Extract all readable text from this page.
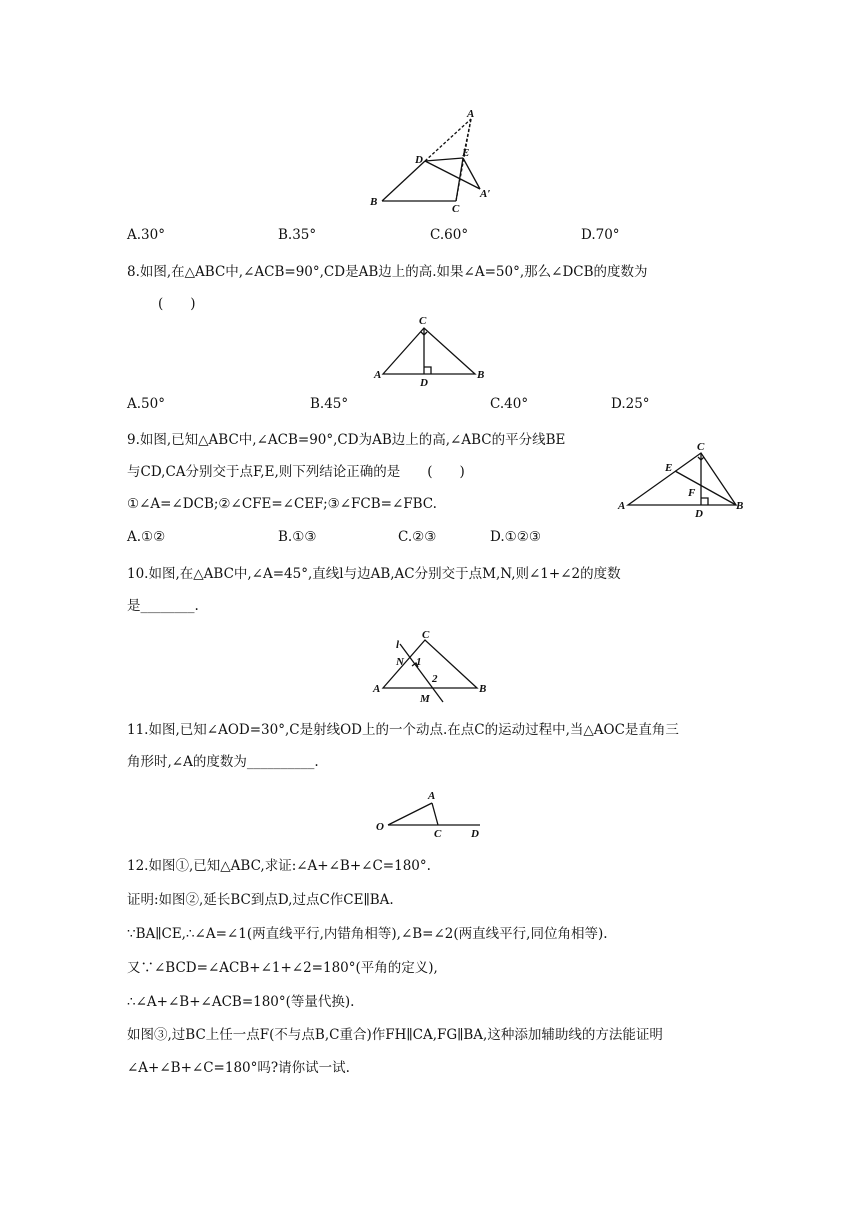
A
D
E
B
C
A′
A.30°	B.35°	C.60°	D.70°
8.如图,在△ABC中,∠ACB=90°,CD是AB边上的高.如果∠A=50°,那么∠DCB的度数为
(　　)
C
A
D
B
A.50°	B.45°	C.40°	D.25°
9.如图,已知△ABC中,∠ACB=90°,CD为AB边上的高,∠ABC的平分线BE
与CD,CA分别交于点F,E,则下列结论正确的是　　(　　)
①∠A=∠DCB;②∠CFE=∠CEF;③∠FCB=∠FBC.
C
E
F
A
D
B
A.①②	B.①③	C.②③	D.①②③
10.如图,在△ABC中,∠A=45°,直线l与边AB,AC分别交于点M,N,则∠1+∠2的度数
是________.
l
C
N 1
2
A
M
B
11.如图,已知∠AOD=30°,C是射线OD上的一个动点.在点C的运动过程中,当△AOC是直角三
角形时,∠A的度数为__________.
A
O
C	D
12.如图①,已知△ABC,求证:∠A+∠B+∠C=180°.
证明:如图②,延长BC到点D,过点C作CE∥BA.
∵BA∥CE,∴∠A=∠1(两直线平行,内错角相等),∠B=∠2(两直线平行,同位角相等).
又∵∠BCD=∠ACB+∠1+∠2=180°(平角的定义),
∴∠A+∠B+∠ACB=180°(等量代换).
如图③,过BC上任一点F(不与点B,C重合)作FH∥CA,FG∥BA,这种添加辅助线的方法能证明
∠A+∠B+∠C=180°吗?请你试一试.
